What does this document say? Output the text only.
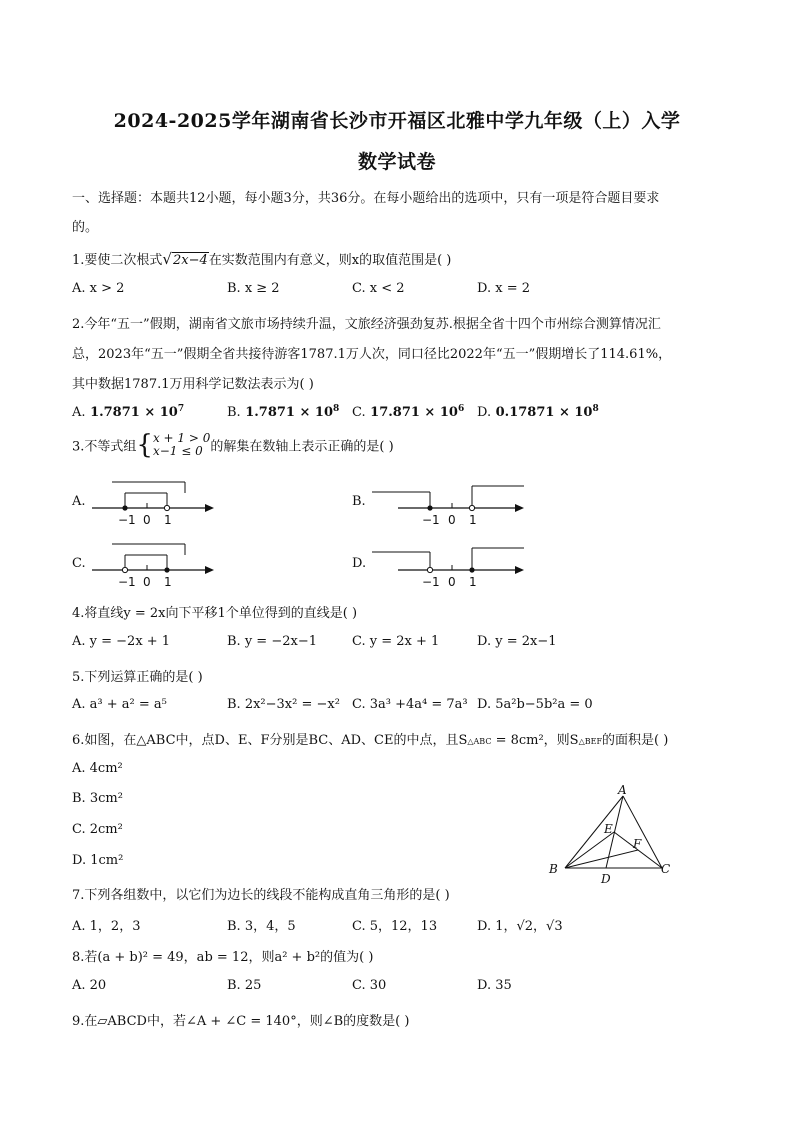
2024-2025学年湖南省长沙市开福区北雅中学九年级（上）入学
数学试卷
一、选择题：本题共12小题，每小题3分，共36分。在每小题给出的选项中，只有一项是符合题目要求
的。
1.要使二次根式√2x−4在实数范围内有意义，则x的取值范围是( )
A. x > 2	B. x ≥ 2	C. x < 2	D. x = 2
2.今年“五一”假期，湖南省文旅市场持续升温，文旅经济强劲复苏.根据全省十四个市州综合测算情况汇
总，2023年“五一”假期全省共接待游客1787.1万人次，同口径比2022年“五一”假期增长了114.61%，
其中数据1787.1万用科学记数法表示为( )
A. $1.7871 \times 10^7$	B. $1.7871 \times 10^8$ C. $17.871 \times 10^6$ D. $0.17871 \times 10^8$
3.不等式组{x + 1 > 0
x−1 ≤ 0 的解集在数轴上表示正确的是( )
A.	B.
C.	D.
−1 0 1	−1 0 1
−1 0 1	−1 0 1
4.将直线y = 2x向下平移1个单位得到的直线是( )
A. y = −2x + 1	B. y = −2x−1	C. y = 2x + 1	D. y = 2x−1
5.下列运算正确的是( )
A. a³ + a² = a⁵	B. 2x²−3x² = −x² C. 3a³ +4a⁴ = 7a³ D. 5a²b−5b²a = 0
6.如图，在△ABC中，点D、E、F分别是BC、AD、CE的中点，且S△ABC = 8cm²，则S△BEF的面积是( )
A. 4cm²
B. 3cm²
C. 2cm²
D. 1cm²
A
B	C
D
E
F
7.下列各组数中，以它们为边长的线段不能构成直角三角形的是( )
A. 1，2，3	B. 3，4，5	C. 5，12，13	D. 1，√2，√3
8.若(a + b)² = 49，ab = 12，则a² + b²的值为( )
A. 20	B. 25	C. 30	D. 35
9.在▱ABCD中，若∠A + ∠C = 140°，则∠B的度数是( )
